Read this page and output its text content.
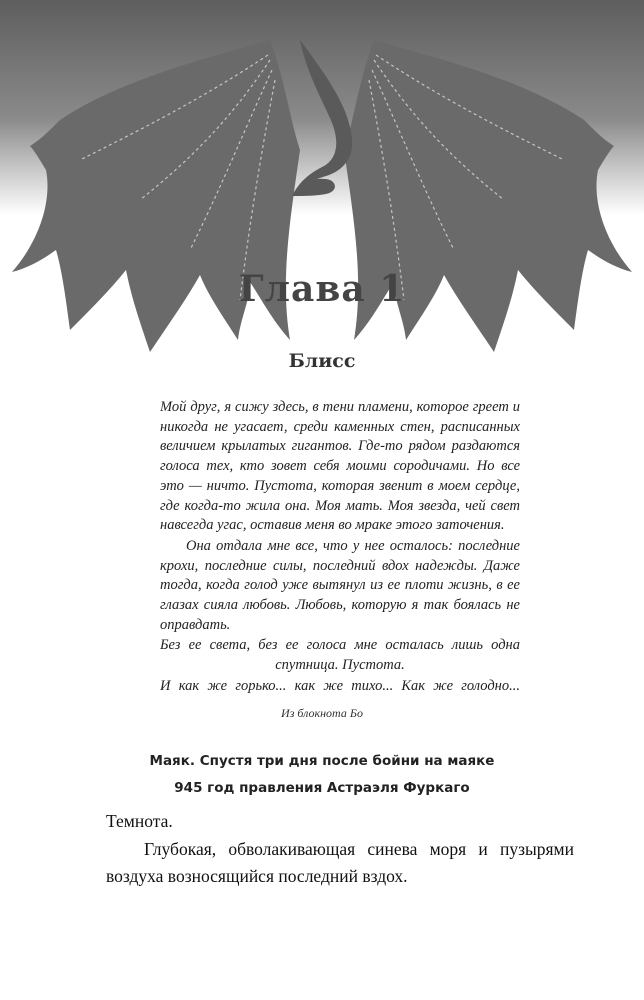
Глава 1
Блисс

Мой друг, я сижу здесь, в тени пламени, которое греет и никогда не угасает, среди каменных стен, расписанных величием крылатых гигантов. Где-то рядом раздаются голоса тех, кто зовет себя моими сородичами. Но все это — ничто. Пустота, которая звенит в моем сердце, где когда-то жила она. Моя мать. Моя звезда, чей свет навсегда угас, оставив меня во мраке этого заточения.

Она отдала мне все, что у нее осталось: последние крохи, последние силы, последний вдох надежды. Даже тогда, когда голод уже вытянул из ее плоти жизнь, в ее глазах сияла любовь. Любовь, которую я так боялась не оправдать.

Без ее света, без ее голоса мне осталась лишь одна спутница. Пустота.

И как же горько... как же тихо... Как же голодно...

Из блокнота Бо
Маяк. Спустя три дня после бойни на маяке
945 год правления Астраэля Фуркаго

Темнота.

Глубокая, обволакивающая синева моря и пузырями воздуха возносящийся последний вздох.
